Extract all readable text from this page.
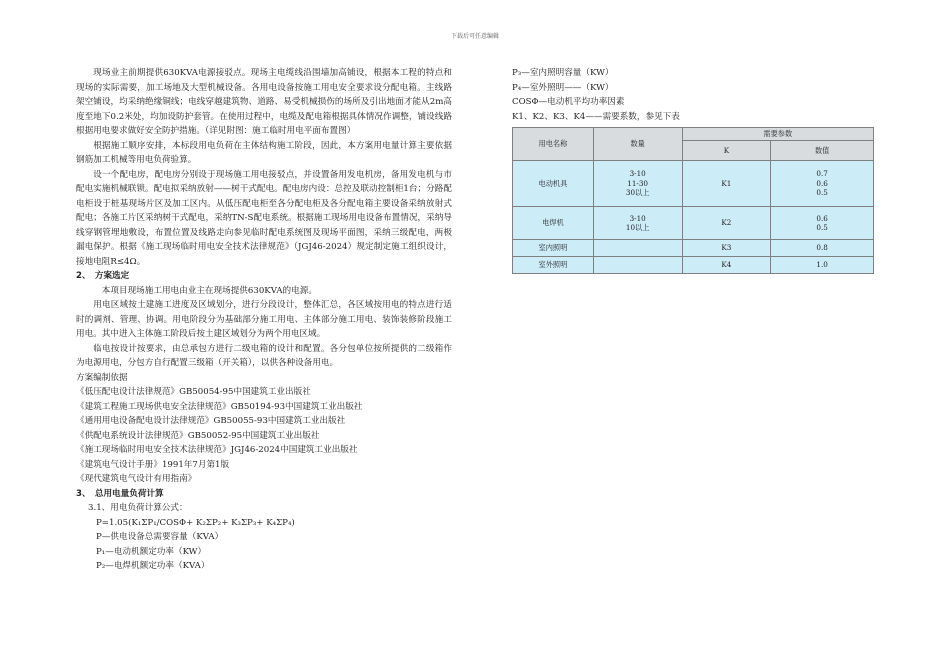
下载后可任意编辑

现场业主前期提供630KVA电源接驳点。现场主电缆线沿围墙加高铺设，根据本工程的特点和现场的实际需要，加工场地及大型机械设备。各用电设备按施工用电安全要求设分配电箱。主线路架空铺设，均采纳绝缘铜线；电线穿越建筑物、道路、易受机械损伤的场所及引出地面才能从2m高度至地下0.2米处，均加设防护套管。在使用过程中，电缆及配电箱根据具体情况作调整，铺设线路根据用电要求做好安全防护措施。（详见附图：施工临时用电平面布置图）

根据施工顺序安排，本标段用电负荷在主体结构施工阶段，因此，本方案用电量计算主要依据钢筋加工机械等用电负荷验算。

设一个配电房，配电房分别设于现场施工用电接驳点，并设置备用发电机房，备用发电机与市配电实施机械联锁。配电拟采纳放射——树干式配电。配电房内设：总控及联动控制柜1台；分路配电柜设于桩基现场片区及加工区内。从低压配电柜至各分配电柜及各分配电箱主要设备采纳放射式配电；各施工片区采纳树干式配电，采纳TN-S配电系统。根据施工现场用电设备布置情况，采纳导线穿钢管埋地敷设，布置位置及线路走向参见临时配电系统图及现场平面图，采纳三级配电，两极漏电保护。根据《施工现场临时用电安全技术法律规范》（JGJ46-2024）规定制定施工组织设计，接地电阻R≤4Ω。

2、　方案选定

本项目现场施工用电由业主在现场提供630KVA的电源。

用电区域按土建施工进度及区域划分，进行分段设计，整体汇总，各区域按用电的特点进行适时的调剂、管理、协调。用电阶段分为基础部分施工用电、主体部分施工用电、装饰装修阶段施工用电。其中进入主体施工阶段后按土建区域划分为两个用电区域。

临电按设计按要求，由总承包方进行二级电箱的设计和配置。各分包单位按所提供的二级箱作为电源用电，分包方自行配置三级箱（开关箱），以供各种设备用电。

方案编制依据

《低压配电设计法律规范》GB50054-95中国建筑工业出版社

《建筑工程施工现场供电安全法律规范》GB50194-93中国建筑工业出版社

《通用用电设备配电设计法律规范》GB50055-93中国建筑工业出版社

《供配电系统设计法律规范》GB50052-95中国建筑工业出版社

《施工现场临时用电安全技术法律规范》JGJ46-2024中国建筑工业出版社

《建筑电气设计手册》1991年7月第1版

《现代建筑电气设计有用指南》

3、　总用电量负荷计算

3.1、用电负荷计算公式：

P=1.05(K₁ΣP₁/COSΦ+ K₂ΣP₂+ K₃ΣP₃+ K₄ΣP₄)

P—供电设备总需要容量（KVA）

P₁—电动机额定功率（KW）

P₂—电焊机额定功率（KVA）

P₃—室内照明容量（KW）

P₄—室外照明——（KW）

COSΦ—电动机平均功率因素

K1、K2、K3、K4——需要系数，参见下表

用电名称	数量	需要参数	
		K	数值
电动机具	3-10
11-30
30以上	K1	0.7
0.6
0.5

电焊机	3-10
10以上	K2	0.6
0.5

室内照明		K3	0.8
室外照明		K4	1.0
